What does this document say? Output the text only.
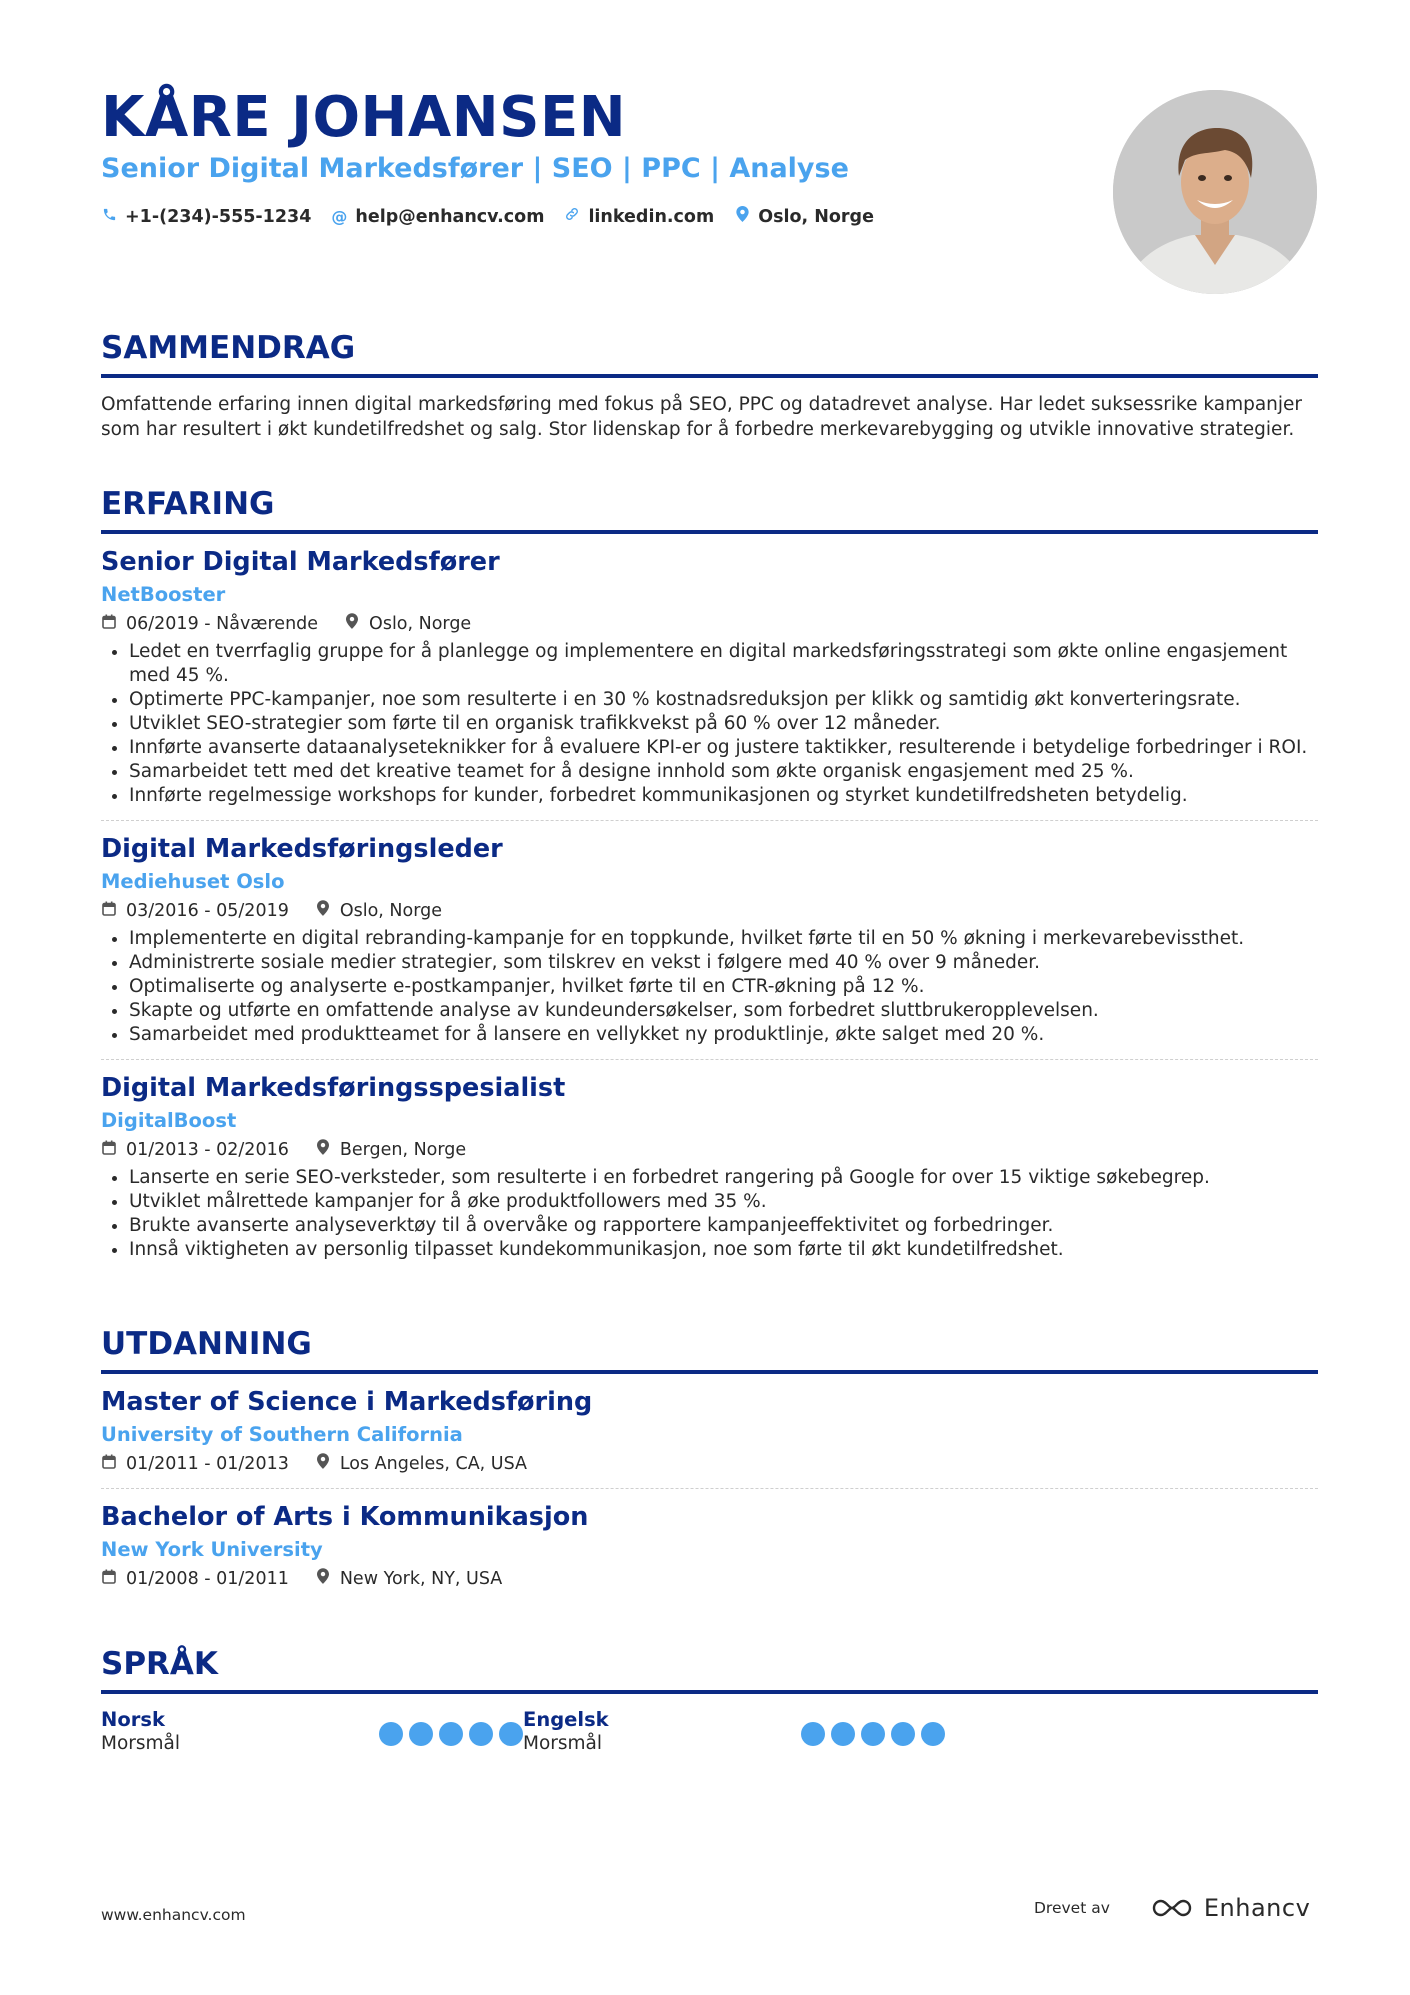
KÅRE JOHANSEN
Senior Digital Markedsfører | SEO | PPC | Analyse
+1-(234)-555-1234 @ help@enhancv.com	linkedin.com	Oslo, Norge
SAMMENDRAG

Omfattende erfaring innen digital markedsføring med fokus på SEO, PPC og datadrevet analyse. Har ledet suksessrike kampanjer som har resultert i økt kundetilfredshet og salg. Stor lidenskap for å forbedre merkevarebygging og utvikle innovative strategier.

ERFARING
Senior Digital Markedsfører
NetBooster
06/2019 - Nåværende	Oslo, Norge
• Ledet en tverrfaglig gruppe for å planlegge og implementere en digital markedsføringsstrategi som økte online engasjement med 45 %.
• Optimerte PPC-kampanjer, noe som resulterte i en 30 % kostnadsreduksjon per klikk og samtidig økt konverteringsrate.
• Utviklet SEO-strategier som førte til en organisk trafikkvekst på 60 % over 12 måneder.
• Innførte avanserte dataanalyseteknikker for å evaluere KPI-er og justere taktikker, resulterende i betydelige forbedringer i ROI.
• Samarbeidet tett med det kreative teamet for å designe innhold som økte organisk engasjement med 25 %.
• Innførte regelmessige workshops for kunder, forbedret kommunikasjonen og styrket kundetilfredsheten betydelig.
Digital Markedsføringsleder
Mediehuset Oslo
03/2016 - 05/2019	Oslo, Norge
• Implementerte en digital rebranding-kampanje for en toppkunde, hvilket førte til en 50 % økning i merkevarebevissthet.
• Administrerte sosiale medier strategier, som tilskrev en vekst i følgere med 40 % over 9 måneder.
• Optimaliserte og analyserte e-postkampanjer, hvilket førte til en CTR-økning på 12 %.
• Skapte og utførte en omfattende analyse av kundeundersøkelser, som forbedret sluttbrukeropplevelsen.
• Samarbeidet med produktteamet for å lansere en vellykket ny produktlinje, økte salget med 20 %.
Digital Markedsføringsspesialist
DigitalBoost
01/2013 - 02/2016	Bergen, Norge
• Lanserte en serie SEO-verksteder, som resulterte i en forbedret rangering på Google for over 15 viktige søkebegrep.
• Utviklet målrettede kampanjer for å øke produktfollowers med 35 %.
• Brukte avanserte analyseverktøy til å overvåke og rapportere kampanjeeffektivitet og forbedringer.
• Innså viktigheten av personlig tilpasset kundekommunikasjon, noe som førte til økt kundetilfredshet.
UTDANNING
Master of Science i Markedsføring
University of Southern California
01/2011 - 01/2013	Los Angeles, CA, USA
Bachelor of Arts i Kommunikasjon
New York University
01/2008 - 01/2011	New York, NY, USA
SPRÅK
Norsk
Morsmål
Engelsk
Morsmål
www.enhancv.com	Drevet av	Enhancv
